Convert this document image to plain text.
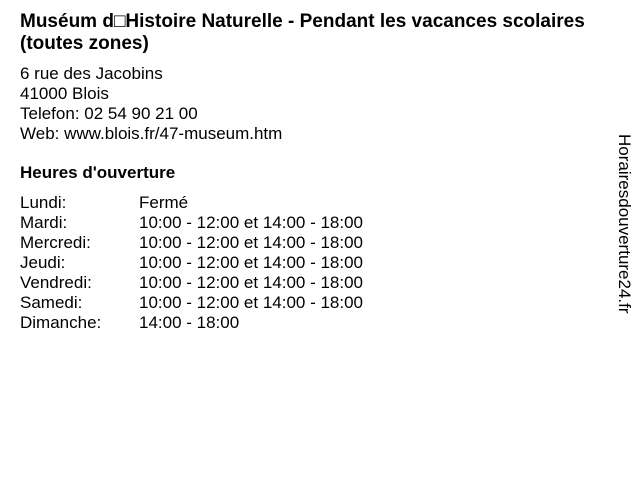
Muséum d□Histoire Naturelle - Pendant les vacances scolaires (toutes zones)
6 rue des Jacobins
41000 Blois
Telefon: 02 54 90 21 00
Web: www.blois.fr/47-museum.htm
Heures d'ouverture
Lundi:	Fermé
Mardi:	10:00 - 12:00 et 14:00 - 18:00
Mercredi:	10:00 - 12:00 et 14:00 - 18:00
Jeudi:	10:00 - 12:00 et 14:00 - 18:00
Vendredi:	10:00 - 12:00 et 14:00 - 18:00
Samedi:	10:00 - 12:00 et 14:00 - 18:00
Dimanche:	14:00 - 18:00
Horairesdouverture24.fr
